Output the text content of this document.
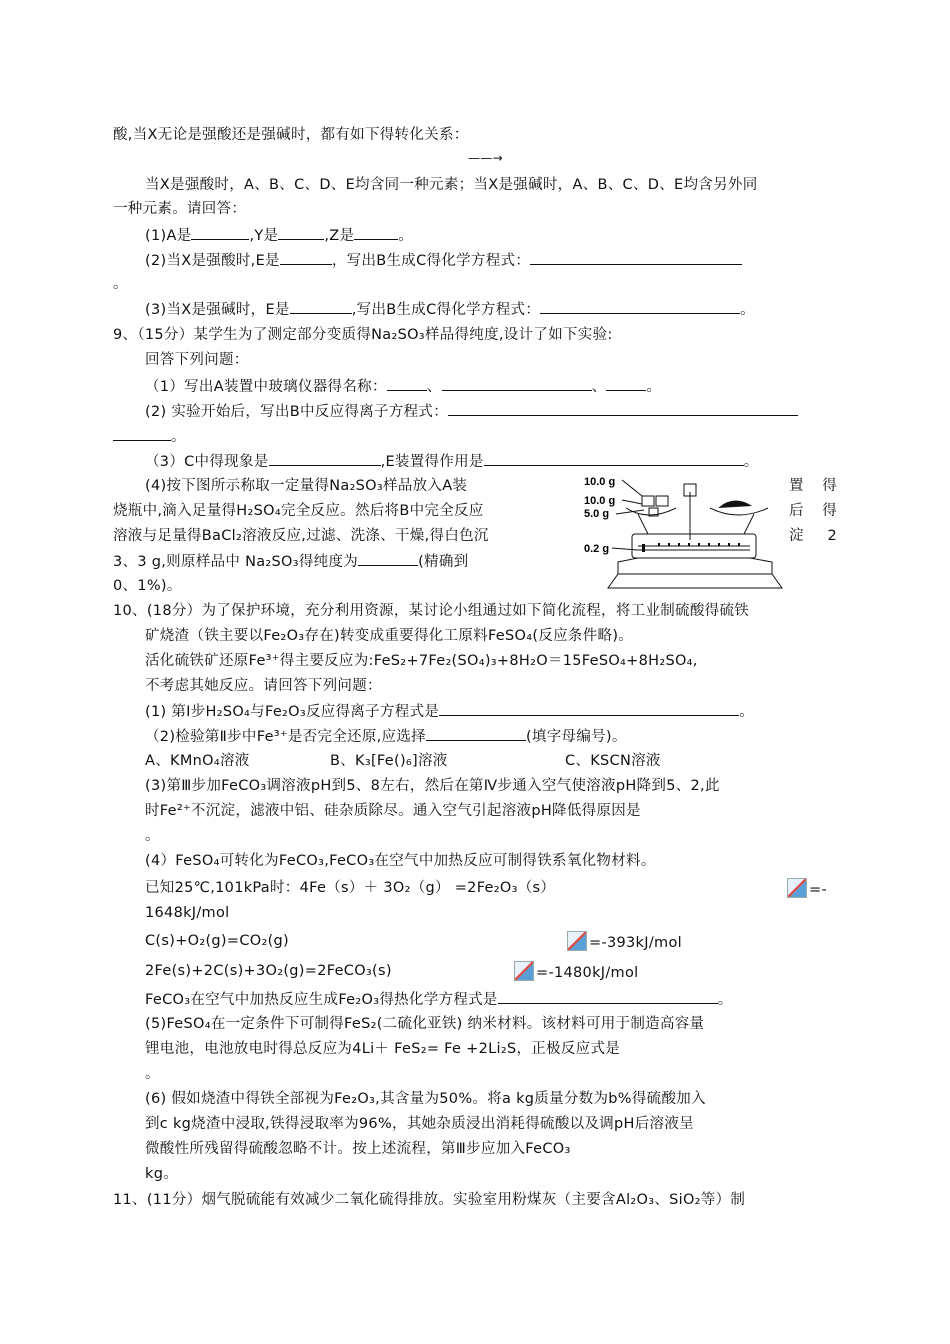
酸,当X无论是强酸还是强碱时，都有如下得转化关系：
——→
当X是强酸时，A、B、C、D、E均含同一种元素；当X是强碱时，A、B、C、D、E均含另外同
一种元素。请回答：
(1)A是	,Y是	,Z是	。
(2)当X是强酸时,E是	，写出B生成C得化学方程式：
。
(3)当X是强碱时，E是	,写出B生成C得化学方程式：	。
9、（15分）某学生为了测定部分变质得Na₂SO₃样品得纯度,设计了如下实验:
回答下列问题：
（1）写出A装置中玻璃仪器得名称：	、	、	。
(2) 实验开始后，写出B中反应得离子方程式：
。
（3）C中得现象是	,E装置得作用是	。
(4)按下图所示称取一定量得Na₂SO₃样品放入A装	置 得
烧瓶中,滴入足量得H₂SO₄完全反应。然后将B中完全反应	后 得
溶液与足量得BaCl₂溶液反应,过滤、洗涤、干燥,得白色沉	淀 2
3、3 g,则原样品中 Na₂SO₃得纯度为	(精确到
0、1%)。
10.0 g
10.0 g
5.0 g
0.2 g
10、(18分）为了保护环境，充分利用资源，某讨论小组通过如下简化流程，将工业制硫酸得硫铁
矿烧渣（铁主要以Fe₂O₃存在)转变成重要得化工原料FeSO₄(反应条件略)。
活化硫铁矿还原Fe³⁺得主要反应为:FeS₂+7Fe₂(SO₄)₃+8H₂O＝15FeSO₄+8H₂SO₄,
不考虑其她反应。请回答下列问题：
(1) 第Ⅰ步H₂SO₄与Fe₂O₃反应得离子方程式是	。
（2)检验第Ⅱ步中Fe³⁺是否完全还原,应选择	(填字母编号)。
A、KMnO₄溶液	B、K₃[Fe()₆]溶液	C、KSCN溶液
(3)第Ⅲ步加FeCO₃调溶液pH到5、8左右，然后在第Ⅳ步通入空气使溶液pH降到5、2,此
时Fe²⁺不沉淀，滤液中铝、硅杂质除尽。通入空气引起溶液pH降低得原因是
。
(4）FeSO₄可转化为FeCO₃,FeCO₃在空气中加热反应可制得铁系氧化物材料。
已知25℃,101kPa时：4Fe（s）＋ 3O₂（g） =2Fe₂O₃（s）	=-
1648kJ/mol
C(s)+O₂(g)=CO₂(g)	=-393kJ/mol
2Fe(s)+2C(s)+3O₂(g)=2FeCO₃(s)	=-1480kJ/mol
FeCO₃在空气中加热反应生成Fe₂O₃得热化学方程式是	。
(5)FeSO₄在一定条件下可制得FeS₂(二硫化亚铁) 纳米材料。该材料可用于制造高容量
锂电池，电池放电时得总反应为4Li＋ FeS₂= Fe +2Li₂S，正极反应式是
。
(6) 假如烧渣中得铁全部视为Fe₂O₃,其含量为50%。将a kg质量分数为b%得硫酸加入
到c kg烧渣中浸取,铁得浸取率为96%，其她杂质浸出消耗得硫酸以及调pH后溶液呈
微酸性所残留得硫酸忽略不计。按上述流程，第Ⅲ步应加入FeCO₃
kg。
11、(11分）烟气脱硫能有效减少二氧化硫得排放。实验室用粉煤灰（主要含Al₂O₃、SiO₂等）制
